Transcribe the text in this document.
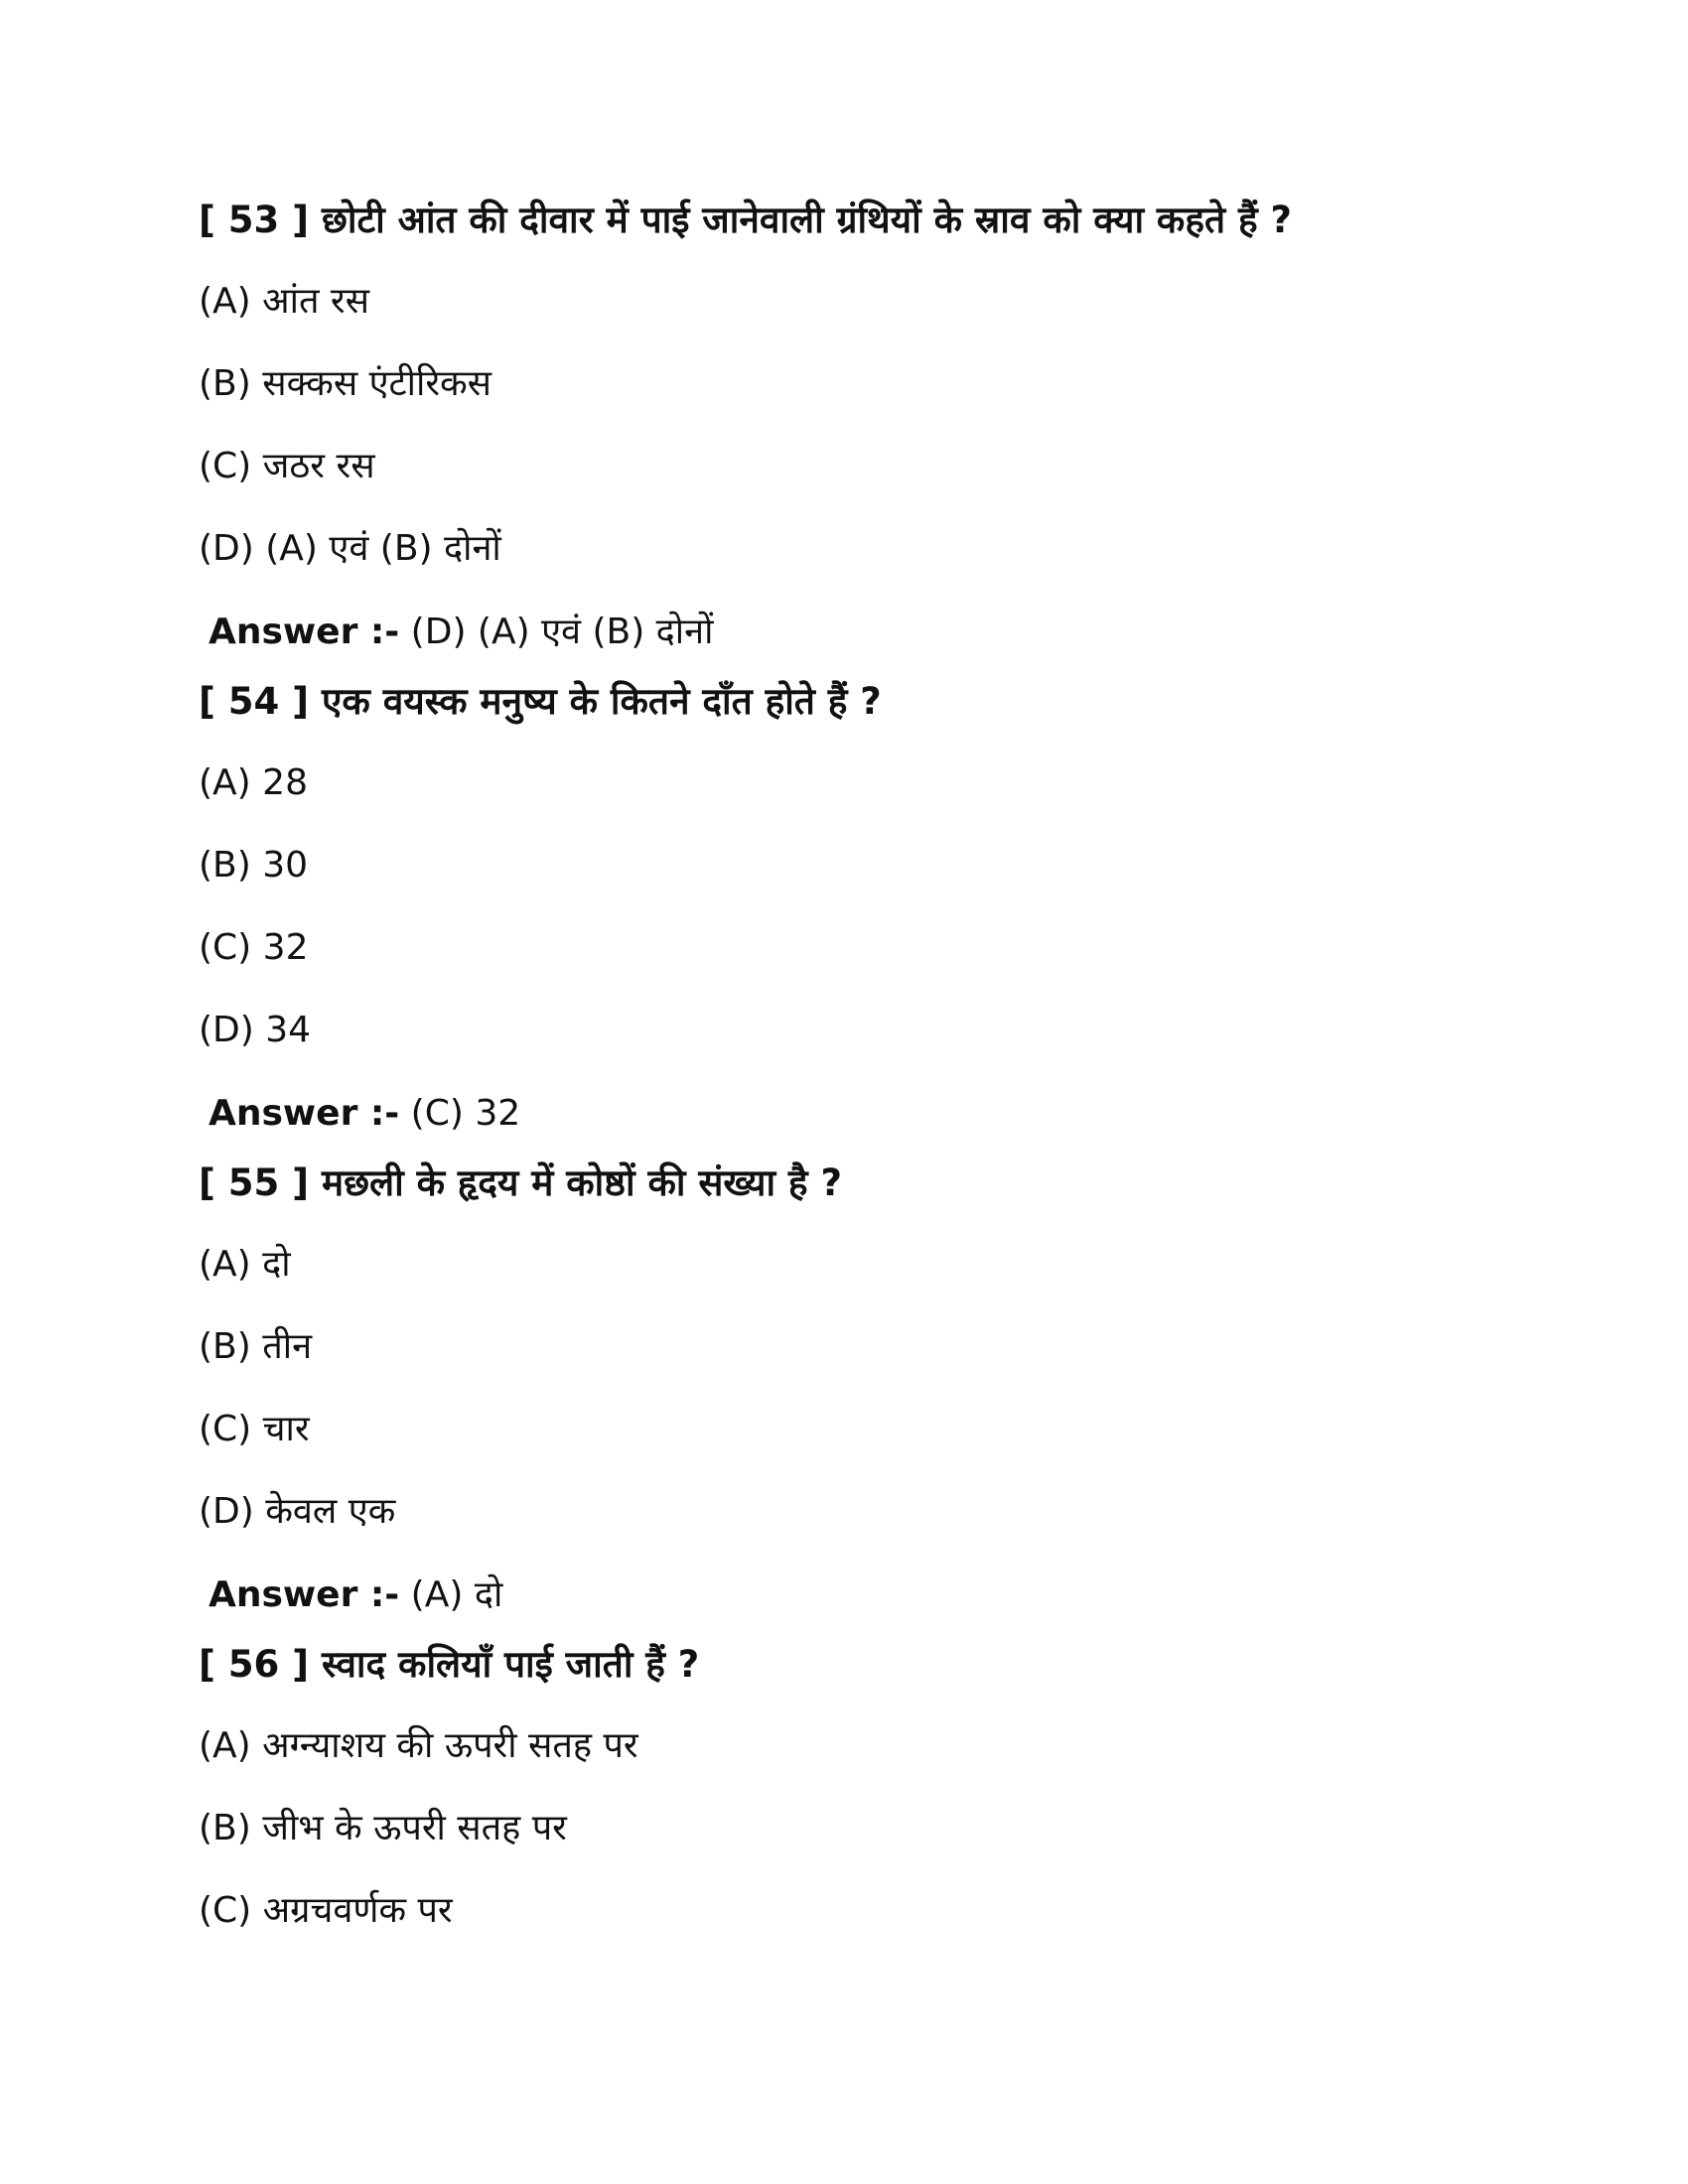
[ 53 ] छोटी आंत की दीवार में पाई जानेवाली ग्रंथियों के स्राव को क्या कहते हैं ?
(A) आंत रस
(B) सक्कस एंटीरिकस
(C) जठर रस
(D) (A) एवं (B) दोनों
Answer :- (D) (A) एवं (B) दोनों
[ 54 ] एक वयस्क मनुष्य के कितने दाँत होते हैं ?
(A) 28
(B) 30
(C) 32
(D) 34
Answer :- (C) 32
[ 55 ] मछली के हृदय में कोष्ठों की संख्या है ?
(A) दो
(B) तीन
(C) चार
(D) केवल एक
Answer :- (A) दो
[ 56 ] स्वाद कलियाँ पाई जाती हैं ?
(A) अग्न्याशय की ऊपरी सतह पर
(B) जीभ के ऊपरी सतह पर
(C) अग्रचवर्णक पर
